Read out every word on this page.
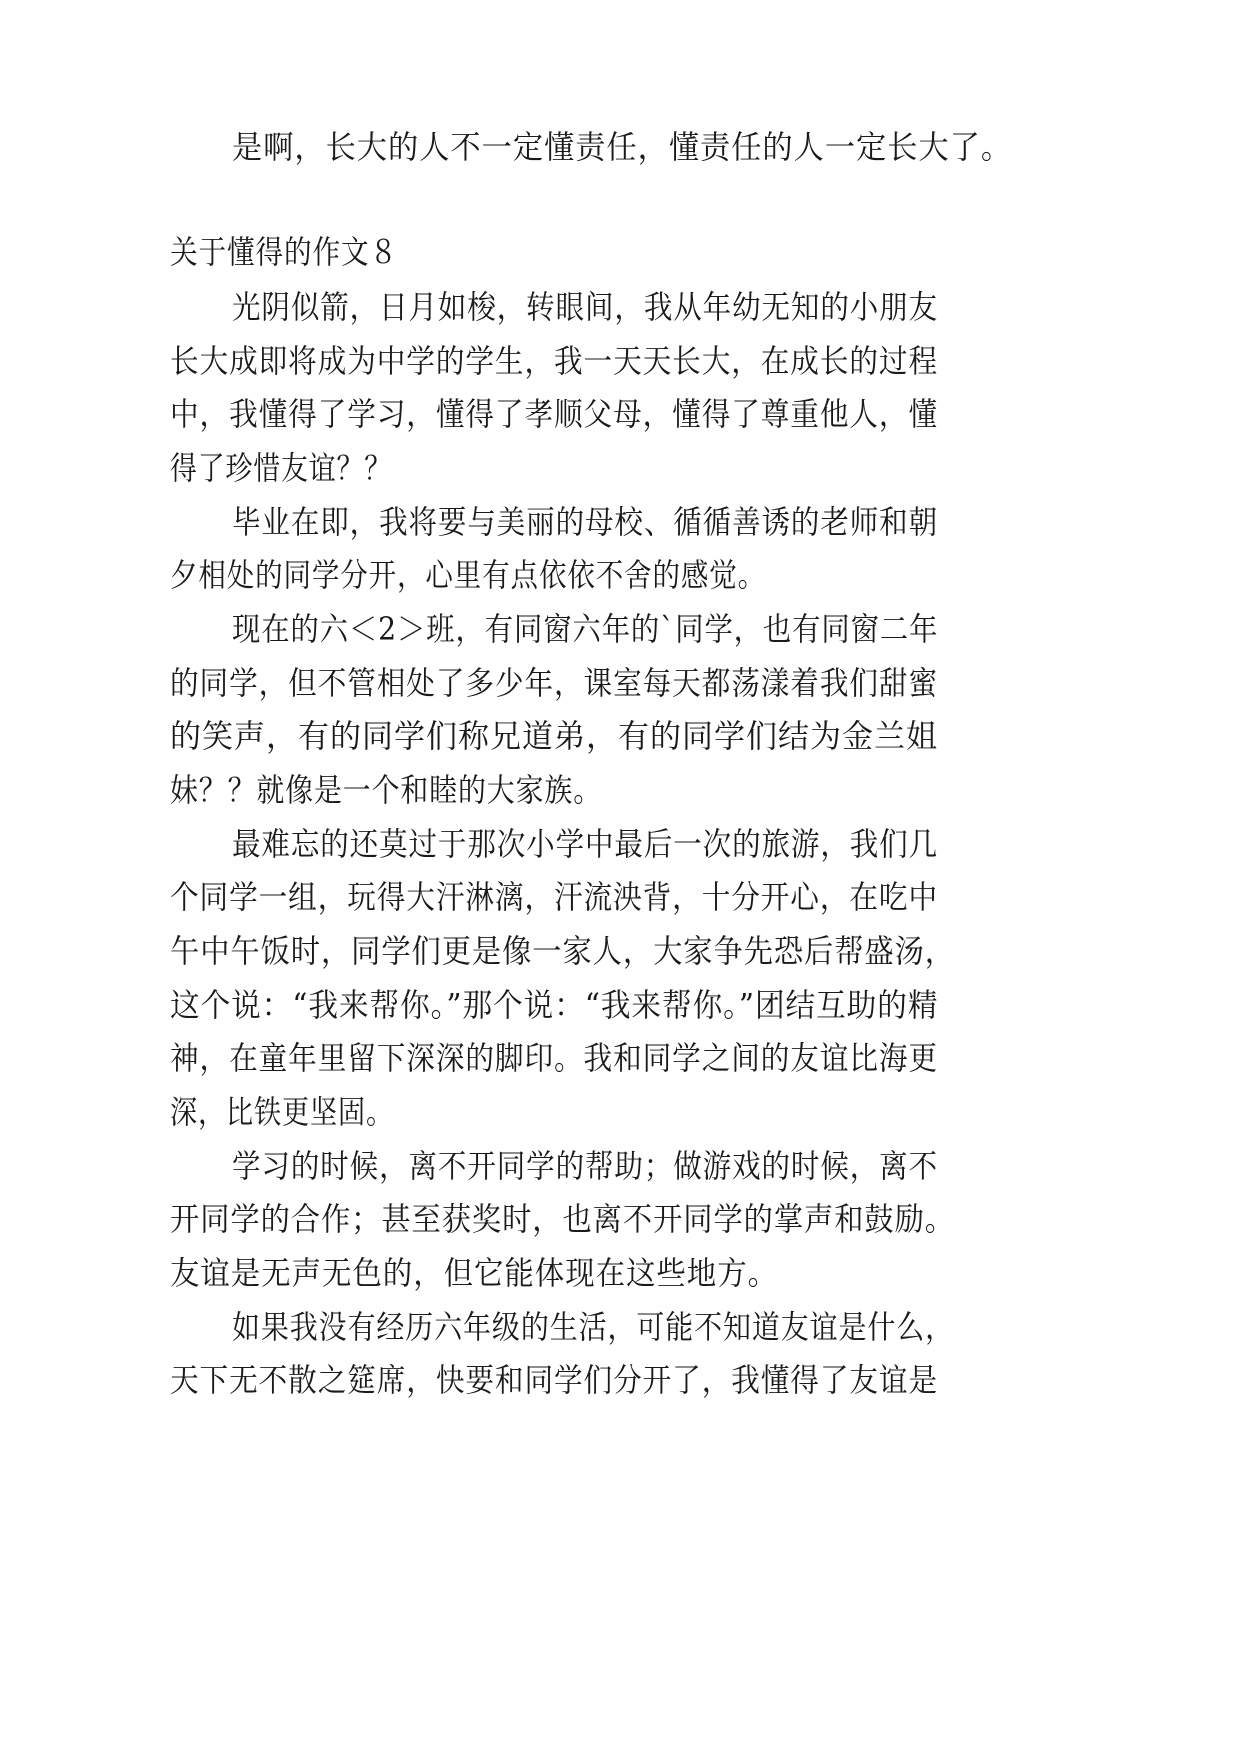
是啊，长大的人不一定懂责任，懂责任的人一定长大了。
关于懂得的作文８
光阴似箭，日月如梭，转眼间，我从年幼无知的小朋友
长大成即将成为中学的学生，我一天天长大，在成长的过程
中，我懂得了学习，懂得了孝顺父母，懂得了尊重他人，懂
得了珍惜友谊？？
毕业在即，我将要与美丽的母校、循循善诱的老师和朝
夕相处的同学分开，心里有点依依不舍的感觉。
现在的六＜2＞班，有同窗六年的`同学，也有同窗二年
的同学，但不管相处了多少年，课室每天都荡漾着我们甜蜜
的笑声，有的同学们称兄道弟，有的同学们结为金兰姐
妹？？就像是一个和睦的大家族。
最难忘的还莫过于那次小学中最后一次的旅游，我们几
个同学一组，玩得大汗淋漓，汗流泱背，十分开心，在吃中
午中午饭时，同学们更是像一家人，大家争先恐后帮盛汤，
这个说：“我来帮你。”那个说：“我来帮你。”团结互助的精
神，在童年里留下深深的脚印。我和同学之间的友谊比海更
深，比铁更坚固。
学习的时候，离不开同学的帮助；做游戏的时候，离不
开同学的合作；甚至获奖时，也离不开同学的掌声和鼓励。
友谊是无声无色的，但它能体现在这些地方。
如果我没有经历六年级的生活，可能不知道友谊是什么，
天下无不散之筵席，快要和同学们分开了，我懂得了友谊是
